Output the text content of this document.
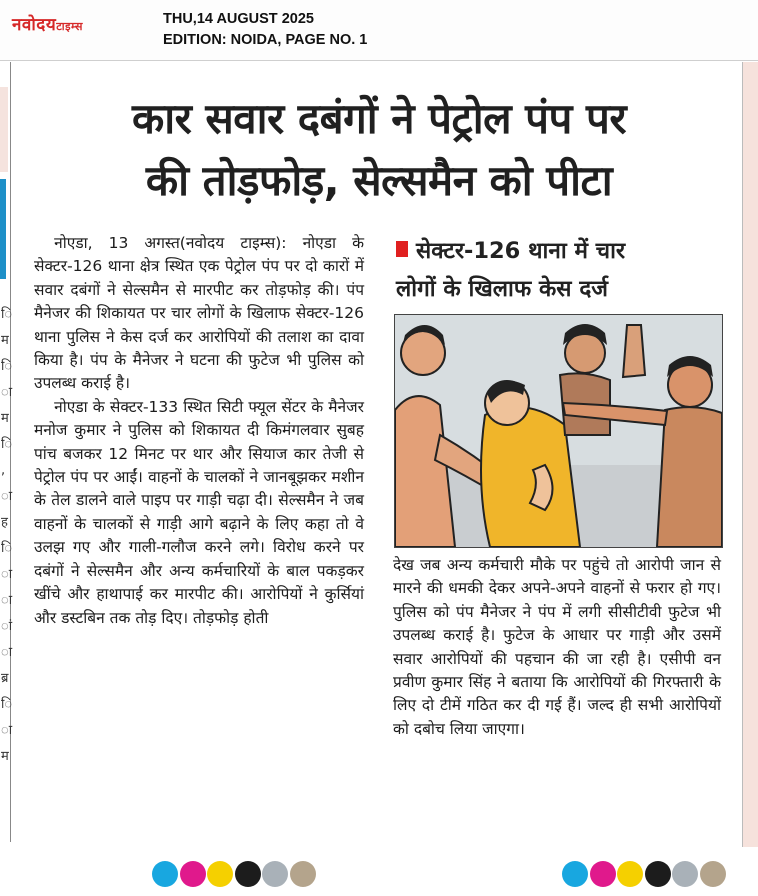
नवोदयटाइम्स	THU,14 AUGUST 2025
EDITION: NOIDA, PAGE NO. 1
ि
म
ि
ा
म
ि
,
ा
ह
ि
ा
ा
ां
ा
ब्र
ि
ा
म
कार सवार दबंगों ने पेट्रोल पंप पर
की तोड़फोड़, सेल्समैन को पीटा

नोएडा, 13 अगस्त(नवोदय टाइम्स): नोएडा के सेक्टर-126 थाना क्षेत्र स्थित एक पेट्रोल पंप पर दो कारों में सवार दबंगों ने सेल्समैन से मारपीट कर तोड़फोड़ की। पंप मैनेजर की शिकायत पर चार लोगों के खिलाफ सेक्टर-126 थाना पुलिस ने केस दर्ज कर आरोपियों की तलाश का दावा किया है। पंप के मैनेजर ने घटना की फुटेज भी पुलिस को उपलब्ध कराई है।

नोएडा के सेक्टर-133 स्थित सिटी फ्यूल सेंटर के मैनेजर मनोज कुमार ने पुलिस को शिकायत दी किमंगलवार सुबह पांच बजकर 12 मिनट पर थार और सियाज कार तेजी से पेट्रोल पंप पर आईं। वाहनों के चालकों ने जानबूझकर मशीन के तेल डालने वाले पाइप पर गाड़ी चढ़ा दी। सेल्समैन ने जब वाहनों के चालकों से गाड़ी आगे बढ़ाने के लिए कहा तो वे उलझ गए और गाली-गलौज करने लगे। विरोध करने पर दबंगों ने सेल्समैन और अन्य कर्मचारियों के बाल पकड़कर खींचे और हाथापाई कर मारपीट की। आरोपियों ने कुर्सियां और डस्टबिन तक तोड़ दिए। तोड़फोड़ होती

सेक्टर-126 थाना में चार
लोगों के खिलाफ केस दर्ज

देख जब अन्य कर्मचारी मौके पर पहुंचे तो आरोपी जान से मारने की धमकी देकर अपने-अपने वाहनों से फरार हो गए। पुलिस को पंप मैनेजर ने पंप में लगी सीसीटीवी फुटेज भी उपलब्ध कराई है। फुटेज के आधार पर गाड़ी और उसमें सवार आरोपियों की पहचान की जा रही है। एसीपी वन प्रवीण कुमार सिंह ने बताया कि आरोपियों की गिरफ्तारी के लिए दो टीमें गठित कर दी गई हैं। जल्द ही सभी आरोपियों को दबोच लिया जाएगा।
